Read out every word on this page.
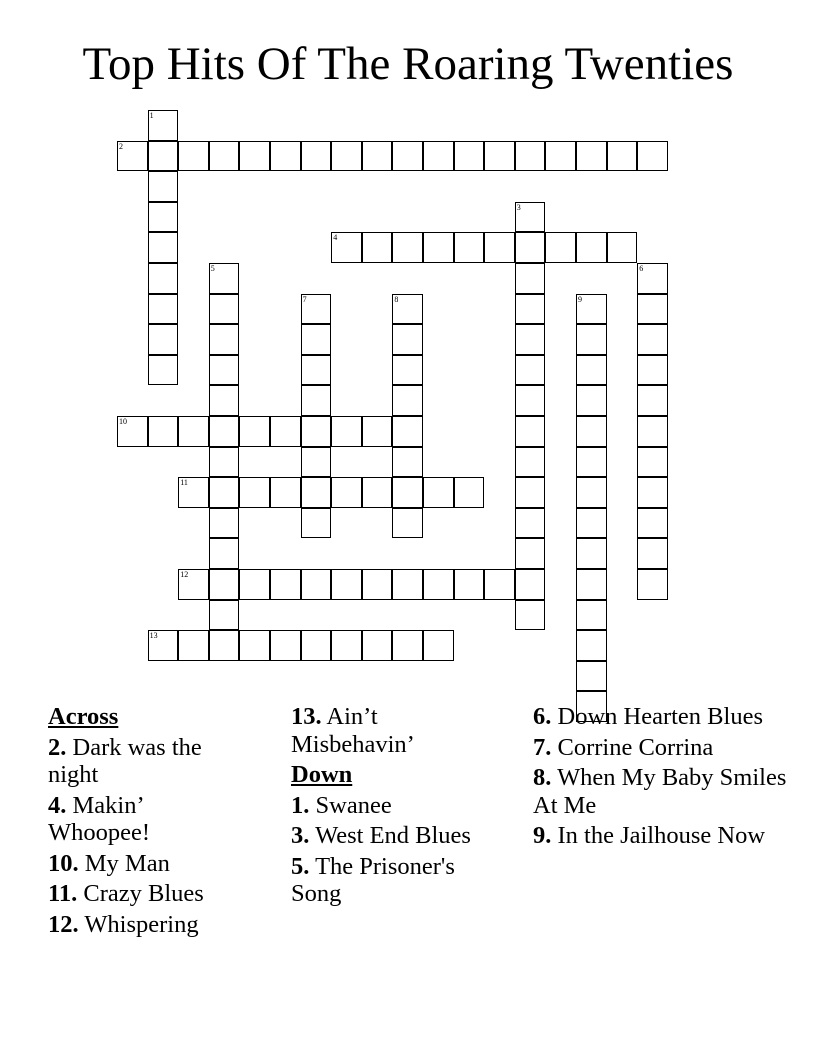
Top Hits Of The Roaring Twenties
1
2
3
4
5	6
7	8	9
10
11
12
13
Across
2. Dark was the night
4. Makin’ Whoopee!
10. My Man
11. Crazy Blues
12. Whispering
13. Ain’t Misbehavin’
Down
1. Swanee
3. West End Blues
5. The Prisoner's Song
6. Down Hearten Blues
7. Corrine Corrina
8. When My Baby Smiles At Me
9. In the Jailhouse Now
